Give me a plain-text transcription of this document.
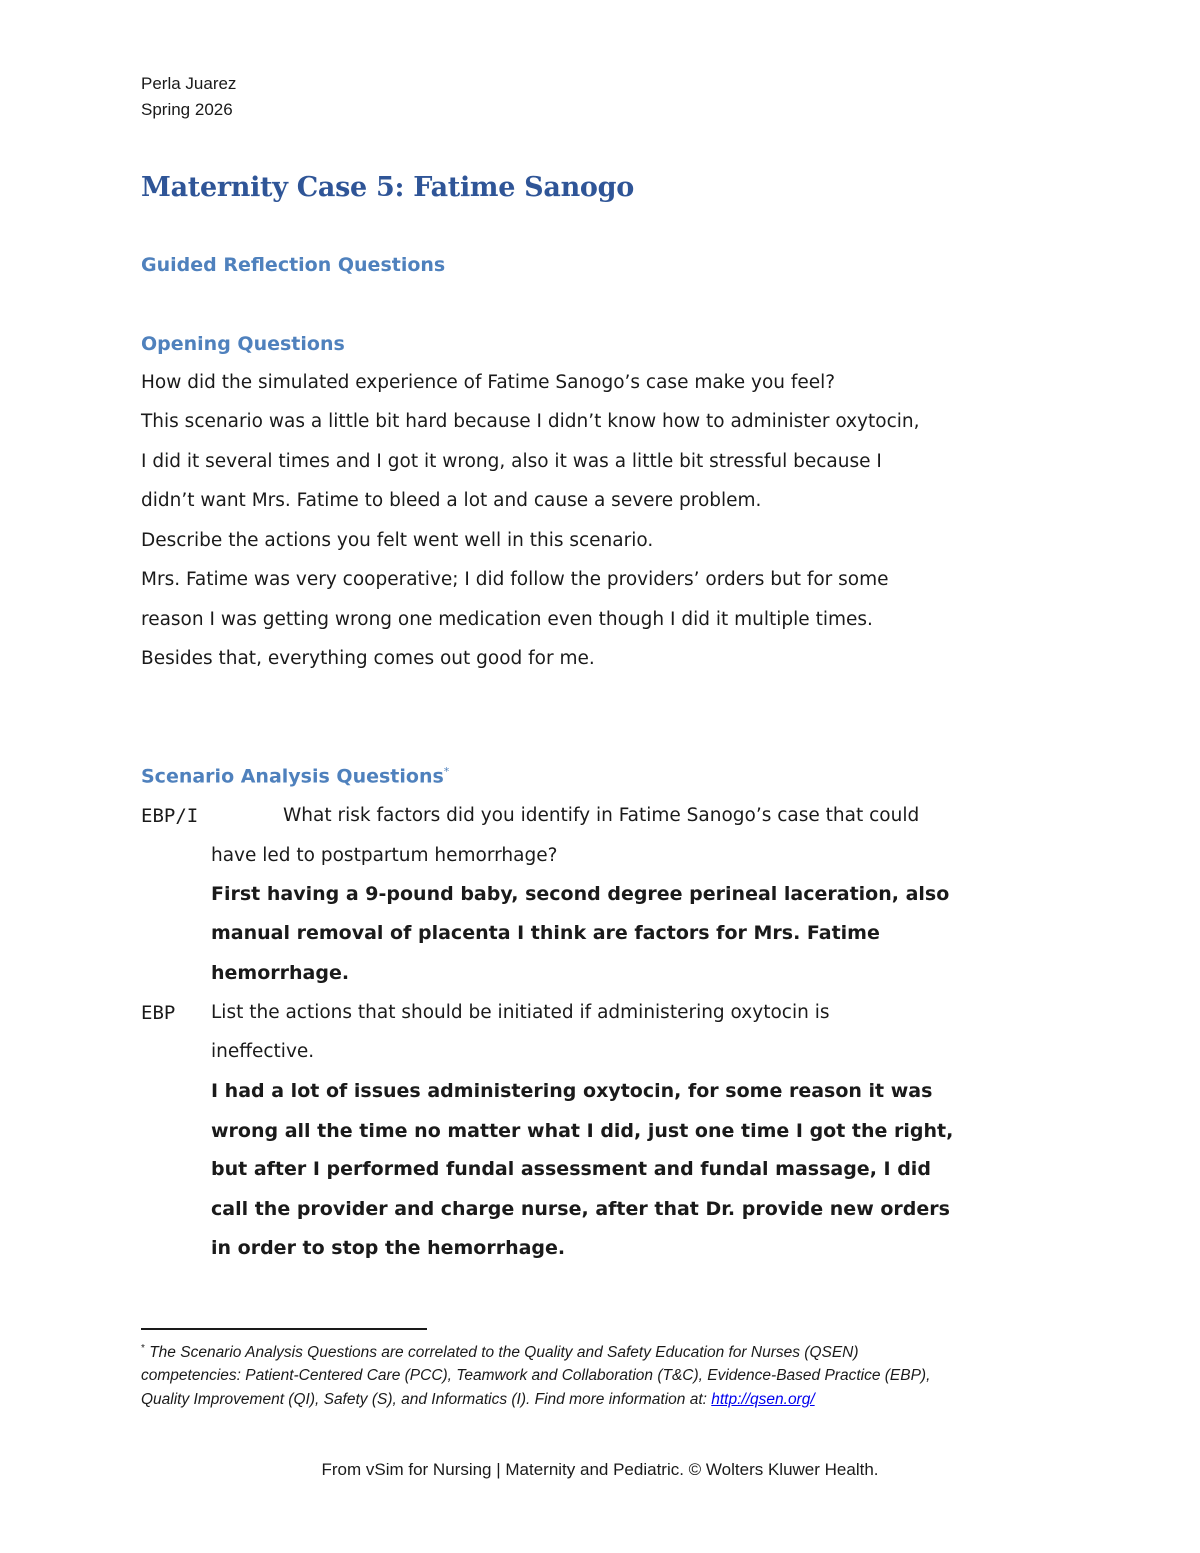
Perla Juarez
Spring 2026
Maternity Case 5: Fatime Sanogo
Guided Reflection Questions
Opening Questions
How did the simulated experience of Fatime Sanogo’s case make you feel?
This scenario was a little bit hard because I didn’t know how to administer oxytocin,
I did it several times and I got it wrong, also it was a little bit stressful because I
didn’t want Mrs. Fatime to bleed a lot and cause a severe problem.
Describe the actions you felt went well in this scenario.
Mrs. Fatime was very cooperative; I did follow the providers’ orders but for some
reason I was getting wrong one medication even though I did it multiple times.
Besides that, everything comes out good for me.
Scenario Analysis Questions*
EBP/I	What risk factors did you identify in Fatime Sanogo’s case that could
have led to postpartum hemorrhage?
First having a 9-pound baby, second degree perineal laceration, also
manual removal of placenta I think are factors for Mrs. Fatime
hemorrhage.
EBP List the actions that should be initiated if administering oxytocin is
ineffective.
I had a lot of issues administering oxytocin, for some reason it was
wrong all the time no matter what I did, just one time I got the right,
but after I performed fundal assessment and fundal massage, I did
call the provider and charge nurse, after that Dr. provide new orders
in order to stop the hemorrhage.
* The Scenario Analysis Questions are correlated to the Quality and Safety Education for Nurses (QSEN)
competencies: Patient-Centered Care (PCC), Teamwork and Collaboration (T&C), Evidence-Based Practice (EBP),
Quality Improvement (QI), Safety (S), and Informatics (I). Find more information at: http://qsen.org/
From vSim for Nursing | Maternity and Pediatric. © Wolters Kluwer Health.
